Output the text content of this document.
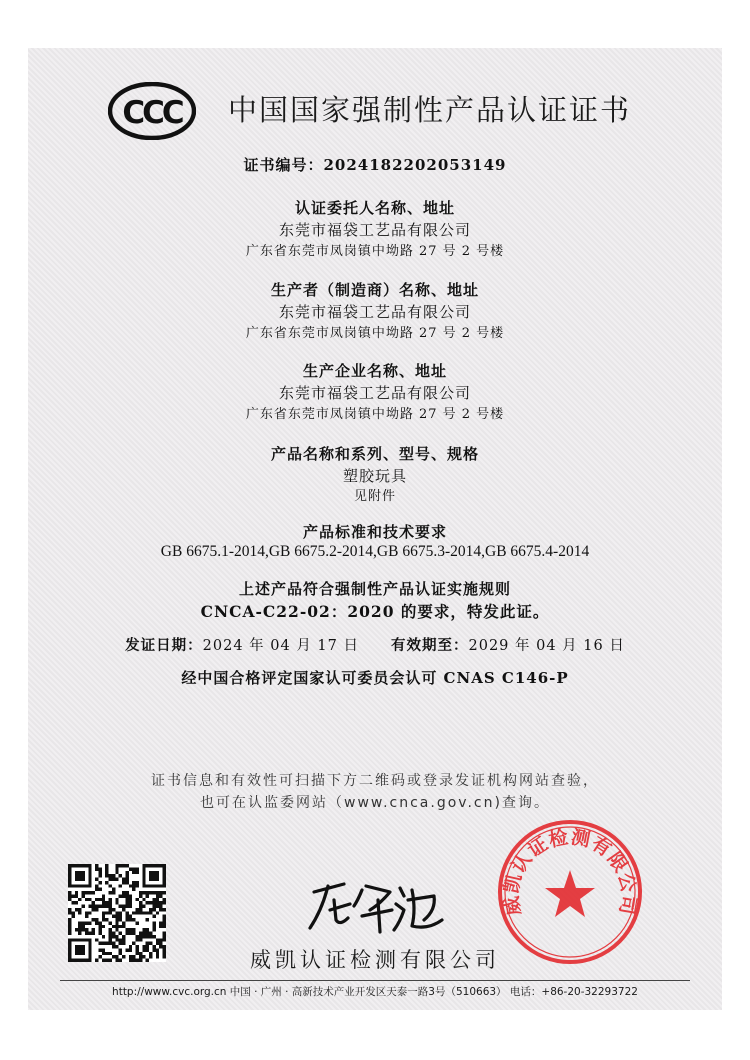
CCC 中国国家强制性产品认证证书
证书编号：2024182202053149
认证委托人名称、地址
东莞市福袋工艺品有限公司
广东省东莞市凤岗镇中坳路 27 号 2 号楼
生产者（制造商）名称、地址
东莞市福袋工艺品有限公司
广东省东莞市凤岗镇中坳路 27 号 2 号楼
生产企业名称、地址
东莞市福袋工艺品有限公司
广东省东莞市凤岗镇中坳路 27 号 2 号楼
产品名称和系列、型号、规格
塑胶玩具
见附件
产品标准和技术要求
GB 6675.1-2014,GB 6675.2-2014,GB 6675.3-2014,GB 6675.4-2014
上述产品符合强制性产品认证实施规则
CNCA-C22-02：2020 的要求，特发此证。
发证日期：2024 年 04 月 17 日 有效期至：2029 年 04 月 16 日
经中国合格评定国家认可委员会认可 CNAS C146-P
证书信息和有效性可扫描下方二维码或登录发证机构网站查验，
也可在认监委网站（www.cnca.gov.cn)查询。
威凯认证检测有限公司
威凯认证检测有限公司
http://www.cvc.org.cn 中国 · 广州 · 高新技术产业开发区天泰一路3号（510663） 电话：+86-20-32293722
